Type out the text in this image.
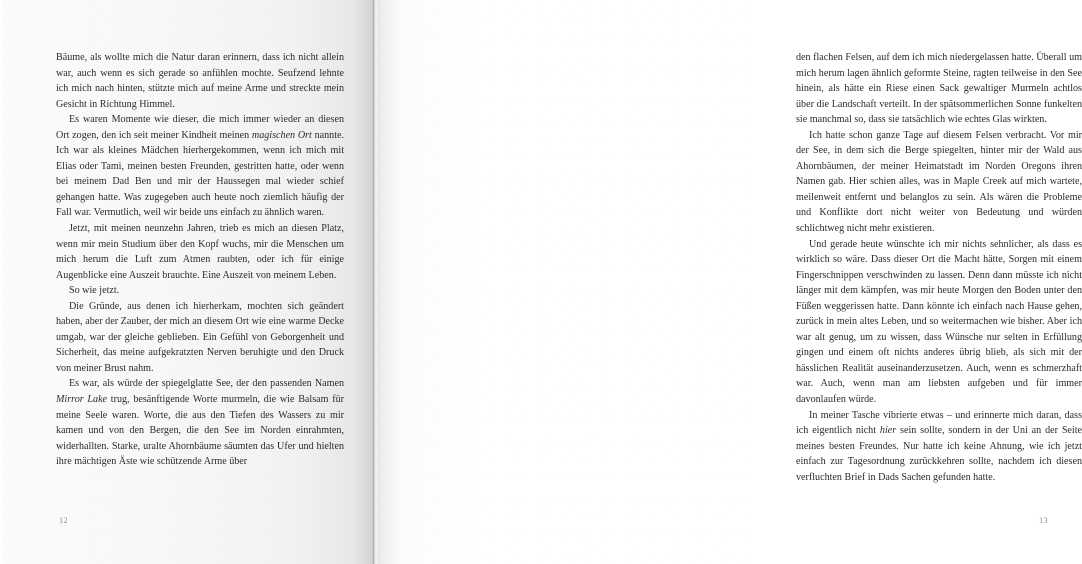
Bäume, als wollte mich die Natur daran erinnern, dass ich nicht allein war, auch wenn es sich gerade so anfühlen mochte. Seufzend lehnte ich mich nach hinten, stützte mich auf meine Arme und streckte mein Gesicht in Richtung Himmel.

Es waren Momente wie dieser, die mich immer wieder an diesen Ort zogen, den ich seit meiner Kindheit meinen magischen Ort nannte. Ich war als kleines Mädchen hierhergekommen, wenn ich mich mit Elias oder Tami, meinen besten Freunden, gestritten hatte, oder wenn bei meinem Dad Ben und mir der Haussegen mal wieder schief gehangen hatte. Was zugegeben auch heute noch ziemlich häufig der Fall war. Vermutlich, weil wir beide uns einfach zu ähnlich waren.

Jetzt, mit meinen neunzehn Jahren, trieb es mich an diesen Platz, wenn mir mein Studium über den Kopf wuchs, mir die Menschen um mich herum die Luft zum Atmen raubten, oder ich für einige Augenblicke eine Auszeit brauchte. Eine Auszeit von meinem Leben.

So wie jetzt.

Die Gründe, aus denen ich hierherkam, mochten sich geändert haben, aber der Zauber, der mich an diesem Ort wie eine warme Decke umgab, war der gleiche geblieben. Ein Gefühl von Geborgenheit und Sicherheit, das meine aufgekratzten Nerven beruhigte und den Druck von meiner Brust nahm.

Es war, als würde der spiegelglatte See, der den passenden Namen Mirror Lake trug, besänftigende Worte murmeln, die wie Balsam für meine Seele waren. Worte, die aus den Tiefen des Wassers zu mir kamen und von den Bergen, die den See im Norden einrahmten, widerhallten. Starke, uralte Ahornbäume säumten das Ufer und hielten ihre mächtigen Äste wie schützende Arme über

12

den flachen Felsen, auf dem ich mich niedergelassen hatte. Überall um mich herum lagen ähnlich geformte Steine, ragten teilweise in den See hinein, als hätte ein Riese einen Sack gewaltiger Murmeln achtlos über die Landschaft verteilt. In der spätsommerlichen Sonne funkelten sie manchmal so, dass sie tatsächlich wie echtes Glas wirkten.

Ich hatte schon ganze Tage auf diesem Felsen verbracht. Vor mir der See, in dem sich die Berge spiegelten, hinter mir der Wald aus Ahornbäumen, der meiner Heimatstadt im Norden Oregons ihren Namen gab. Hier schien alles, was in Maple Creek auf mich wartete, meilenweit entfernt und belanglos zu sein. Als wären die Probleme und Konflikte dort nicht weiter von Bedeutung und würden schlichtweg nicht mehr existieren.

Und gerade heute wünschte ich mir nichts sehnlicher, als dass es wirklich so wäre. Dass dieser Ort die Macht hätte, Sorgen mit einem Fingerschnippen verschwinden zu lassen. Denn dann müsste ich nicht länger mit dem kämpfen, was mir heute Morgen den Boden unter den Füßen weggerissen hatte. Dann könnte ich einfach nach Hause gehen, zurück in mein altes Leben, und so weitermachen wie bisher. Aber ich war alt genug, um zu wissen, dass Wünsche nur selten in Erfüllung gingen und einem oft nichts anderes übrig blieb, als sich mit der hässlichen Realität auseinanderzusetzen. Auch, wenn es schmerzhaft war. Auch, wenn man am liebsten aufgeben und für immer davonlaufen würde.

In meiner Tasche vibrierte etwas – und erinnerte mich daran, dass ich eigentlich nicht hier sein sollte, sondern in der Uni an der Seite meines besten Freundes. Nur hatte ich keine Ahnung, wie ich jetzt einfach zur Tagesordnung zurückkehren sollte, nachdem ich diesen verfluchten Brief in Dads Sachen gefunden hatte.

13
